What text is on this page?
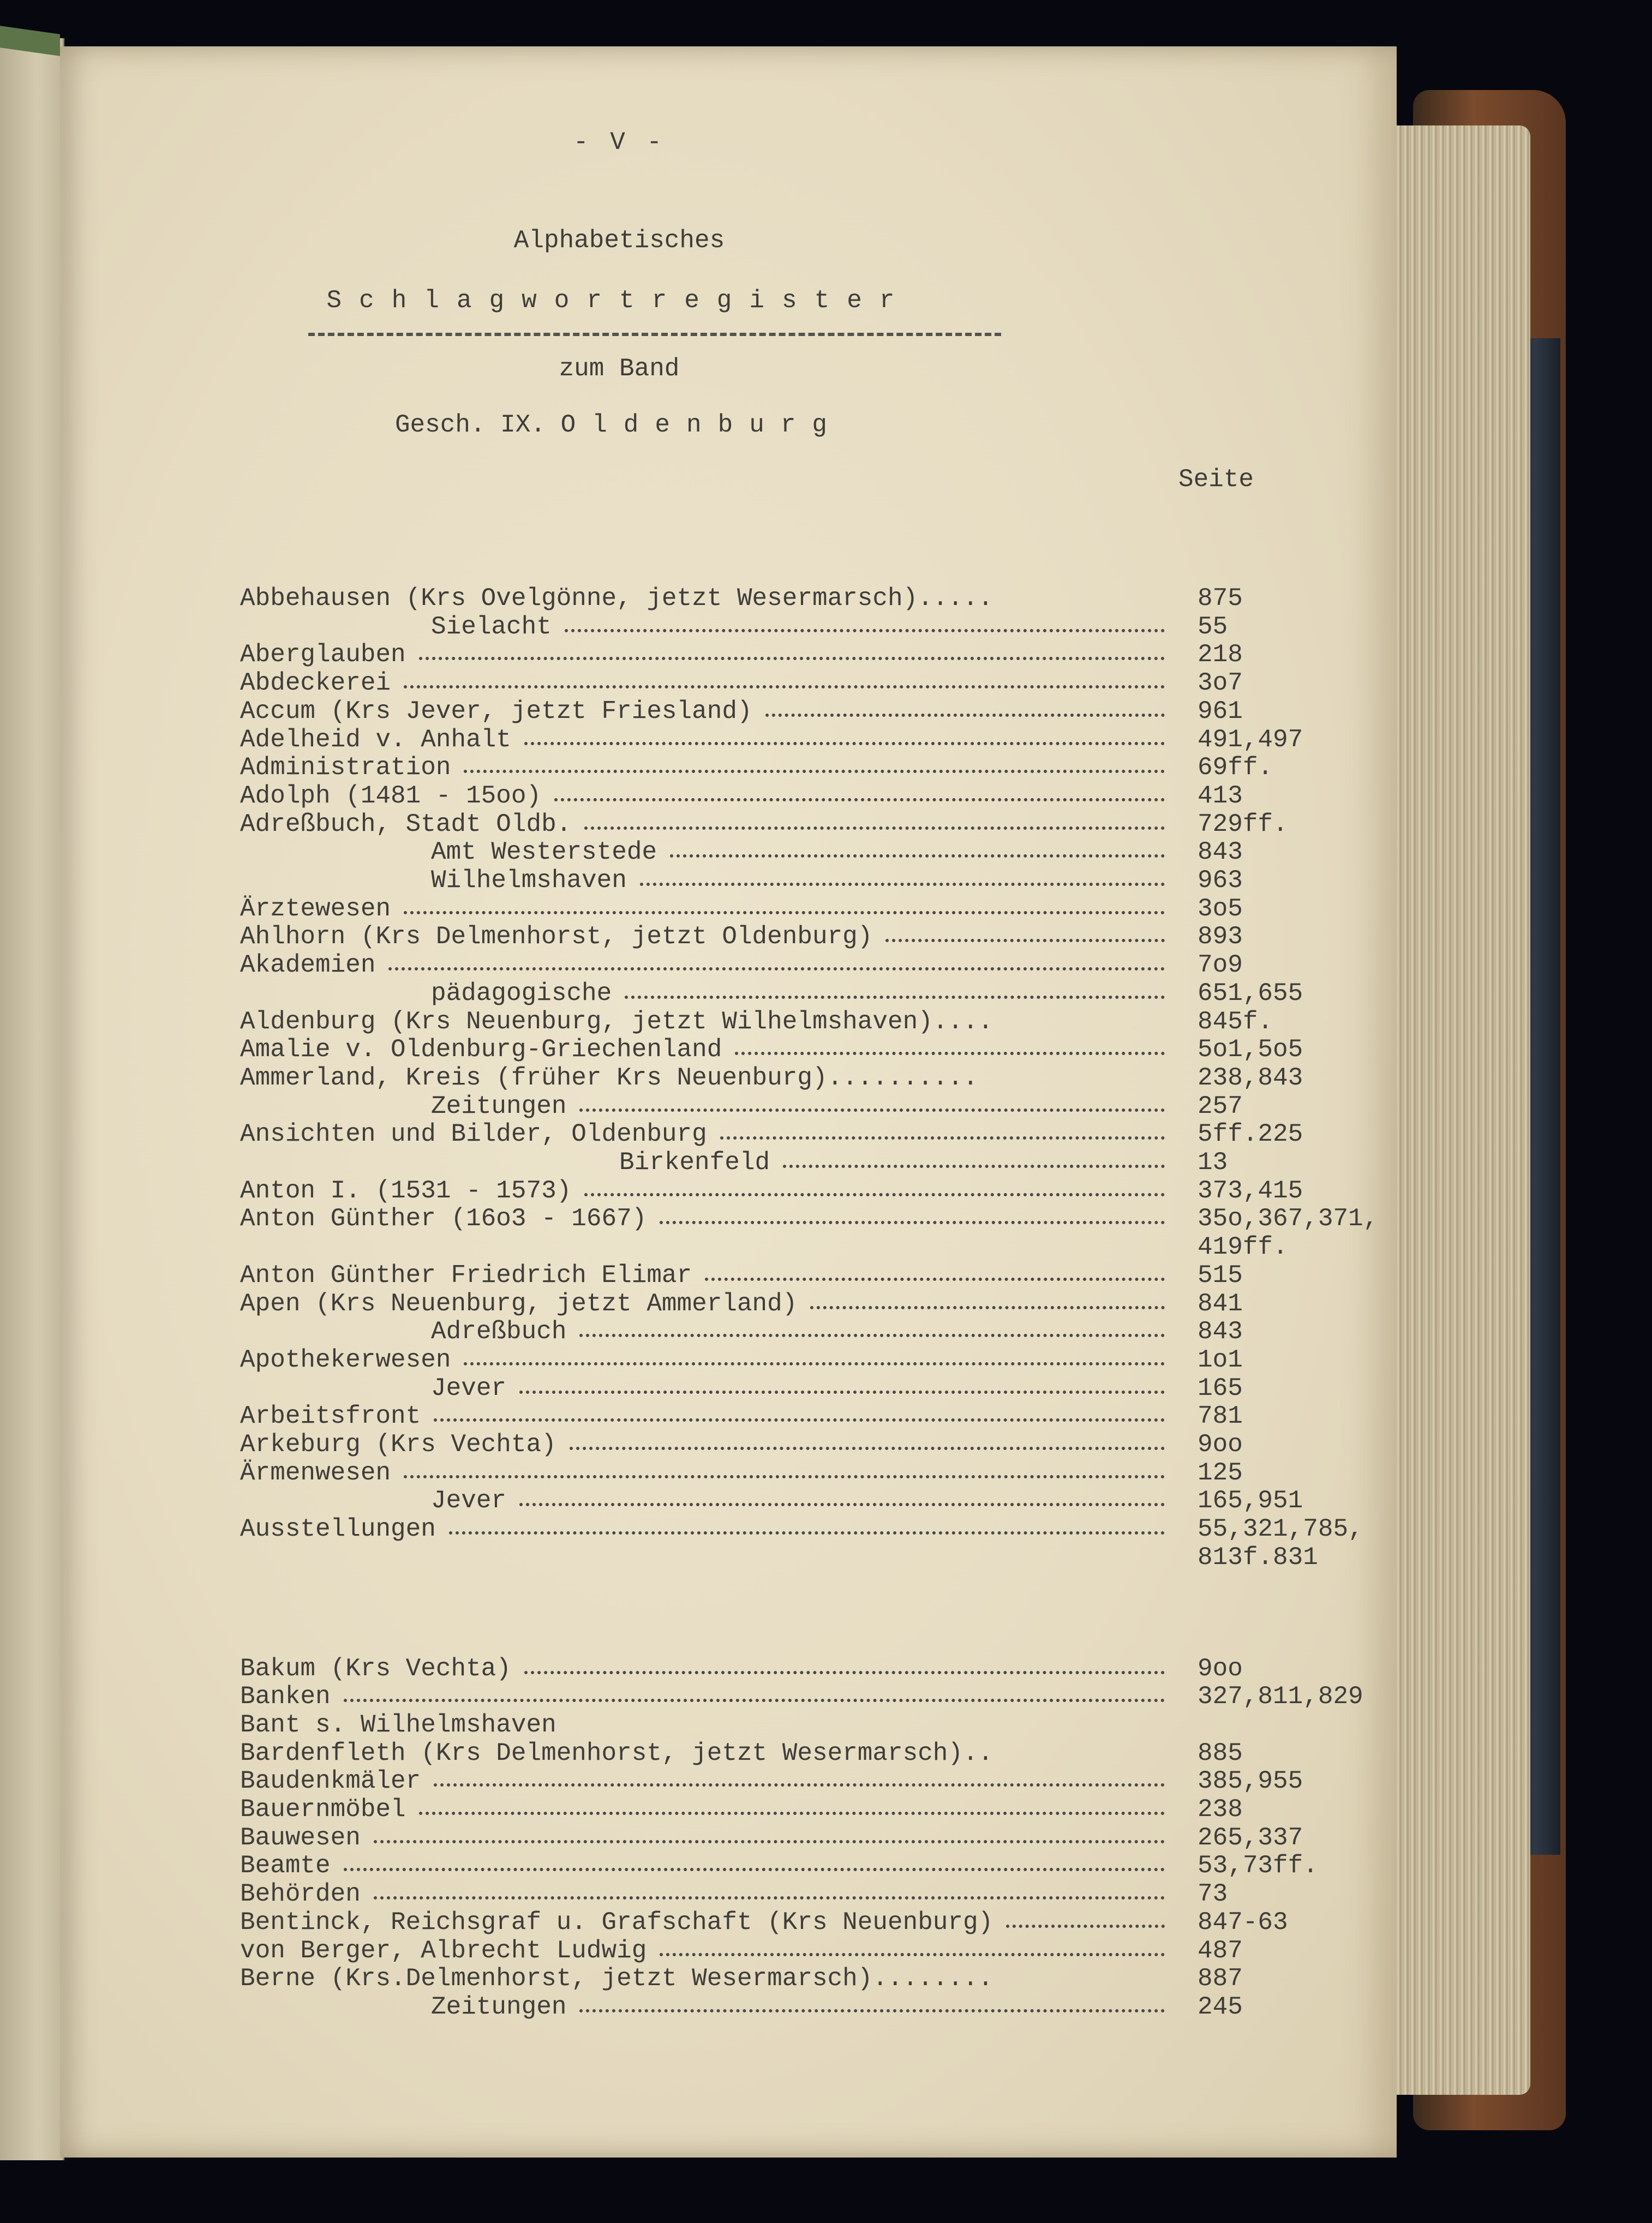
- V -
Alphabetisches
Schlagwortregister
zum Band
Gesch. IX. Oldenburg
Seite
Abbehausen (Krs Ovelgönne, jetzt Wesermarsch).....	875
Sielacht	55
Aberglauben	218
Abdeckerei	3o7
Accum (Krs Jever, jetzt Friesland)	961
Adelheid v. Anhalt	491,497
Administration	69ff.
Adolph (1481 - 15oo)	413
Adreßbuch, Stadt Oldb.	729ff.
Amt Westerstede	843
Wilhelmshaven	963
Ärztewesen	3o5
Ahlhorn (Krs Delmenhorst, jetzt Oldenburg)	893
Akademien	7o9
pädagogische	651,655
Aldenburg (Krs Neuenburg, jetzt Wilhelmshaven)....	845f.
Amalie v. Oldenburg-Griechenland	5o1,5o5
Ammerland, Kreis (früher Krs Neuenburg)..........	238,843
Zeitungen	257
Ansichten und Bilder, Oldenburg	5ff.225
Birkenfeld	13
Anton I. (1531 - 1573)	373,415
Anton Günther (16o3 - 1667)	35o,367,371,
419ff.
Anton Günther Friedrich Elimar	515
Apen (Krs Neuenburg, jetzt Ammerland)	841
Adreßbuch	843
Apothekerwesen	1o1
Jever	165
Arbeitsfront	781
Arkeburg (Krs Vechta)	9oo
Ärmenwesen	125
Jever	165,951
Ausstellungen	55,321,785,
813f.831
Bakum (Krs Vechta)	9oo
Banken	327,811,829
Bant s. Wilhelmshaven
Bardenfleth (Krs Delmenhorst, jetzt Wesermarsch)..	885
Baudenkmäler	385,955
Bauernmöbel	238
Bauwesen	265,337
Beamte	53,73ff.
Behörden	73
Bentinck, Reichsgraf u. Grafschaft (Krs Neuenburg)	847-63
von Berger, Albrecht Ludwig	487
Berne (Krs.Delmenhorst, jetzt Wesermarsch)........	887
Zeitungen	245
